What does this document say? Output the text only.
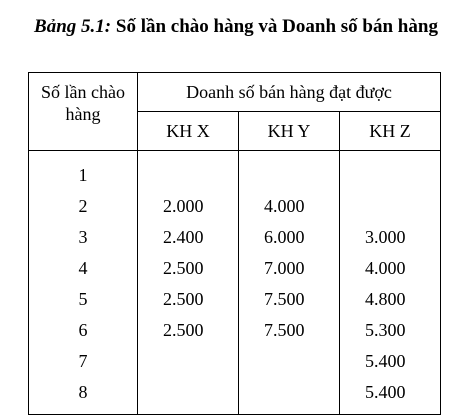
Bảng 5.1: Số lần chào hàng và Doanh số bán hàng
Số lần chào hàng	Doanh số bán hàng đạt được		
	KH X	KH Y	KH Z
1			
2	2.000	4.000	
3	2.400	6.000	3.000
4	2.500	7.000	4.000
5	2.500	7.500	4.800
6	2.500	7.500	5.300
7			5.400
8			5.400
